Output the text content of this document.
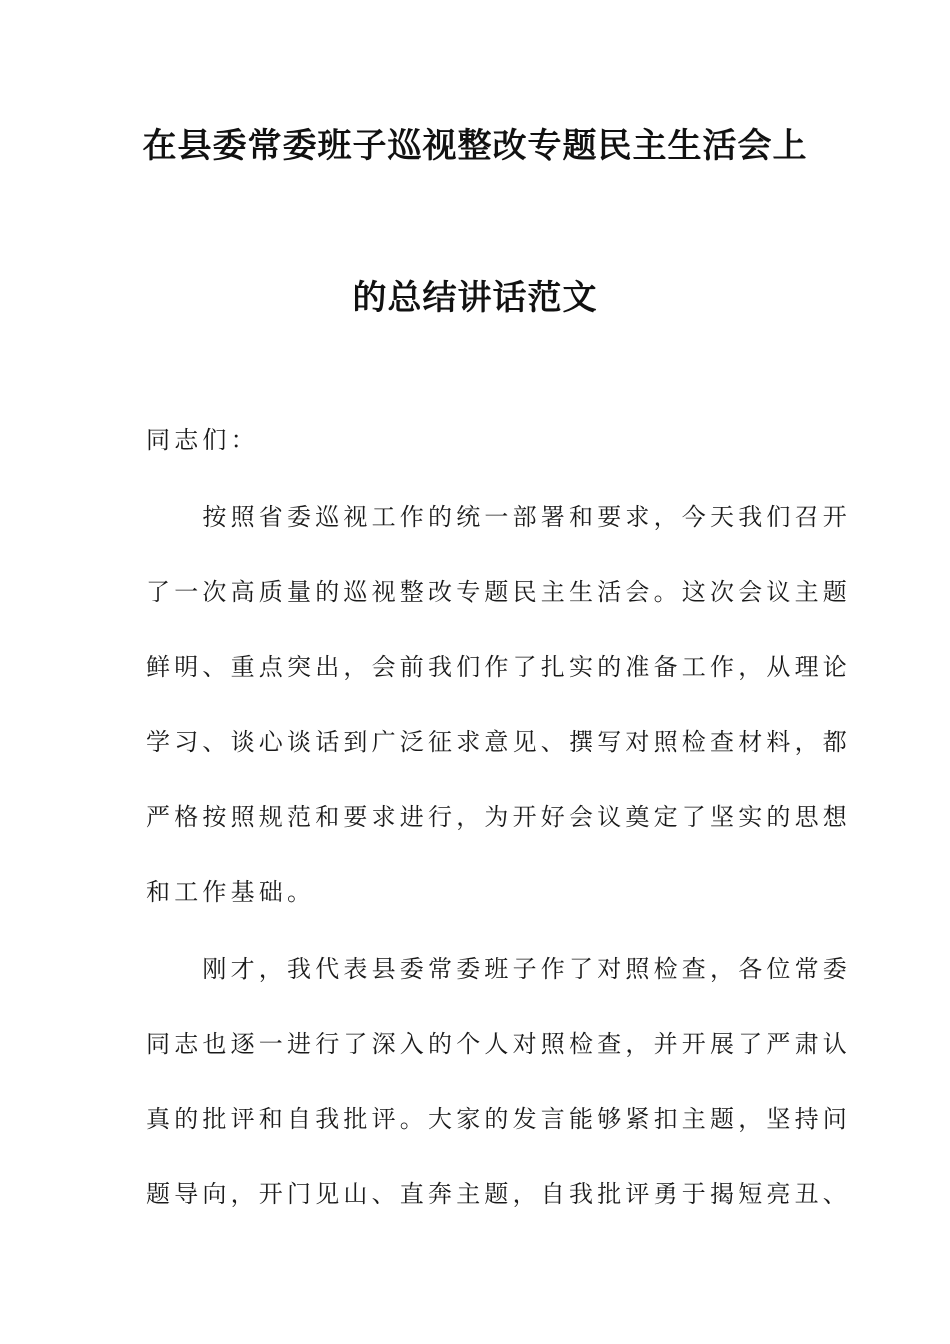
在县委常委班子巡视整改专题民主生活会上
的总结讲话范文
同志们：
　　按照省委巡视工作的统一部署和要求，今天我们召开
了一次高质量的巡视整改专题民主生活会。这次会议主题
鲜明、重点突出，会前我们作了扎实的准备工作，从理论
学习、谈心谈话到广泛征求意见、撰写对照检查材料，都
严格按照规范和要求进行，为开好会议奠定了坚实的思想
和工作基础。
　　刚才，我代表县委常委班子作了对照检查，各位常委
同志也逐一进行了深入的个人对照检查，并开展了严肃认
真的批评和自我批评。大家的发言能够紧扣主题，坚持问
题导向，开门见山、直奔主题，自我批评勇于揭短亮丑、
